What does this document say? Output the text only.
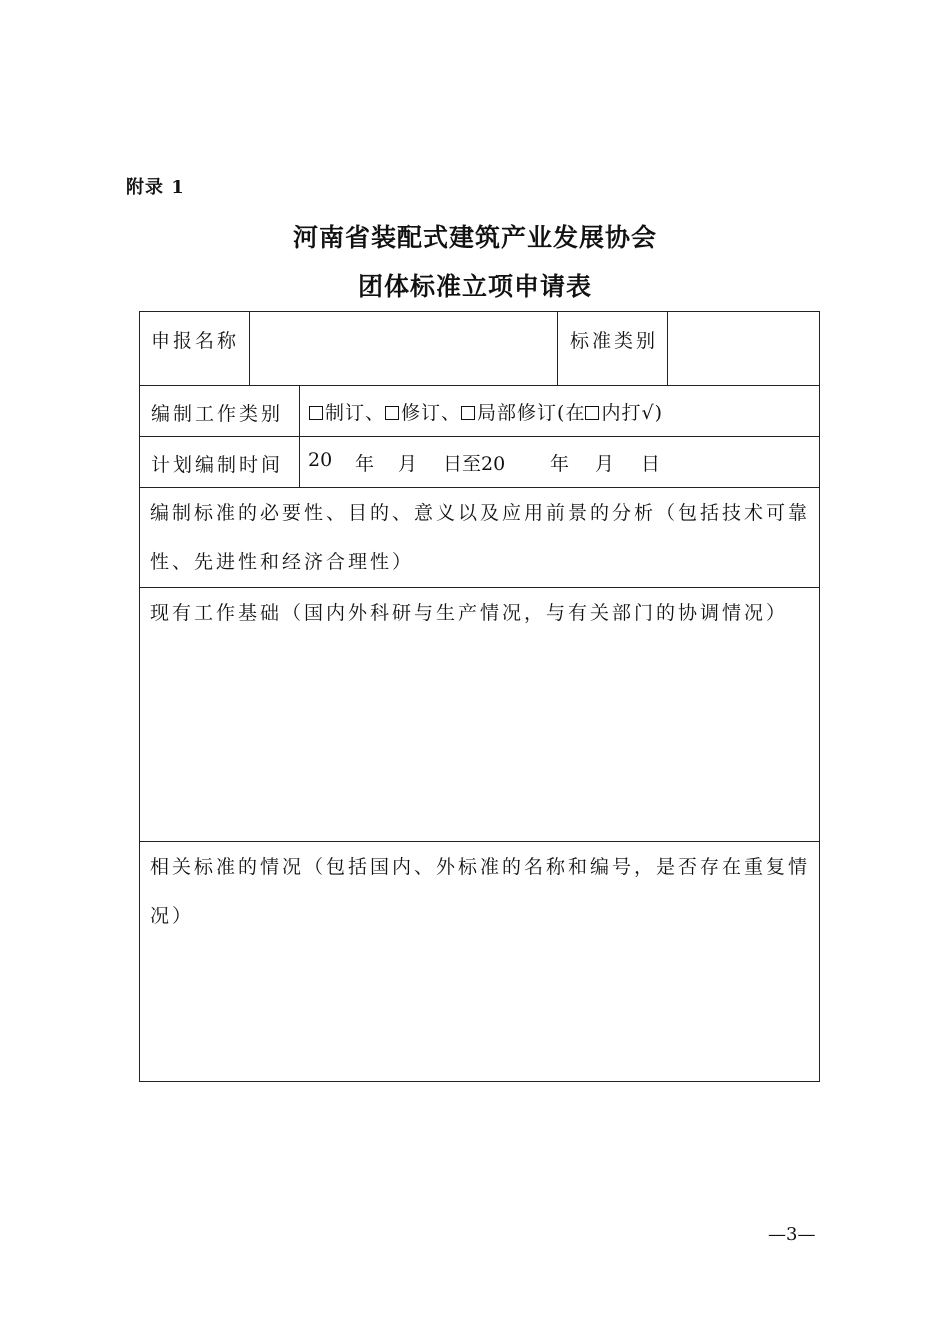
附录 1
河南省装配式建筑产业发展协会
团体标准立项申请表
申报名称	标准类别
编制工作类别	制订、 修订、 局部修订(在 内打√)
计划编制时间 20 年 月 日至20 年 月 日
编制标准的必要性、目的、意义以及应用前景的分析（包括技术可靠性、先进性和经济合理性）
现有工作基础（国内外科研与生产情况，与有关部门的协调情况）
相关标准的情况（包括国内、外标准的名称和编号，是否存在重复情况）
—3—
